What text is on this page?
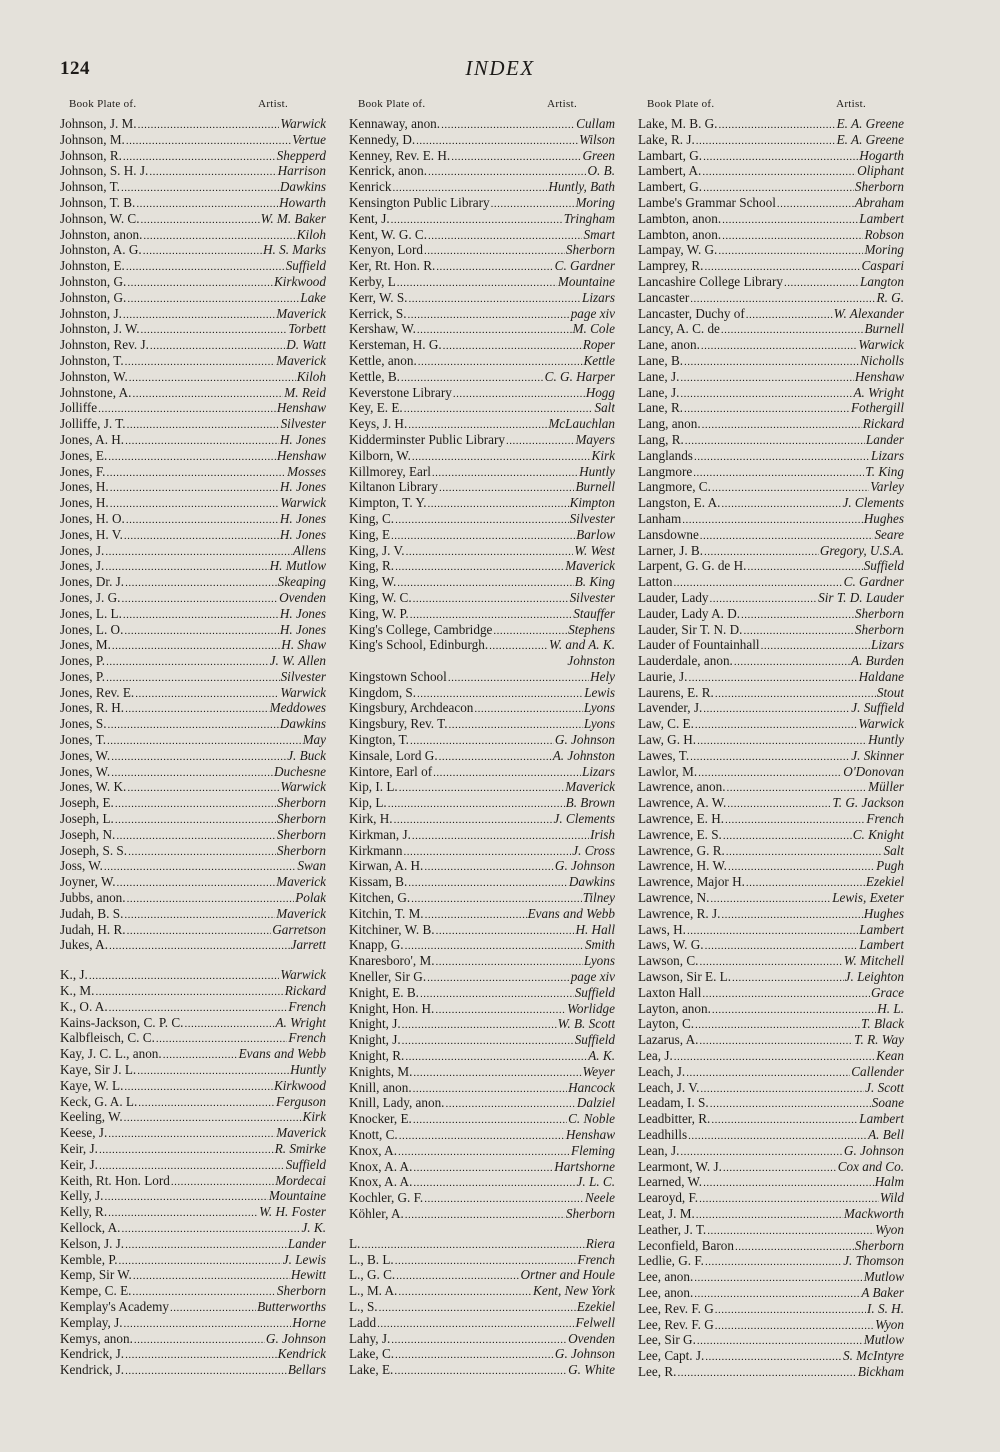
124	INDEX
Book Plate of.	Artist.
Johnson, J. M. .....	Warwick
Johnson, M. .....	Vertue
Johnson, R. .....	Shepperd
Johnson, S. H. J. .....	Harrison
Johnson, T. .....	Dawkins
Johnson, T. B. .....	Howarth
Johnson, W. C. .....	W. M. Baker
Johnston, anon. .....	Kiloh
Johnston, A. G. .....	H. S. Marks
Johnston, E. .....	Suffield
Johnston, G. .....	Kirkwood
Johnston, G. .....	Lake
Johnston, J. .....	Maverick
Johnston, J. W. .....	Torbett
Johnston, Rev. J. .....	D. Watt
Johnston, T. .....	Maverick
Johnston, W. .....	Kiloh
Johnstone, A. .....	M. Reid
Jolliffe .....	Henshaw
Jolliffe, J. T. .....	Silvester
Jones, A. H. .....	H. Jones
Jones, E. .....	Henshaw
Jones, F. .....	Mosses
Jones, H. .....	H. Jones
Jones, H. .....	Warwick
Jones, H. O. .....	H. Jones
Jones, H. V. .....	H. Jones
Jones, J. .....	Allens
Jones, J. .....	H. Mutlow
Jones, Dr. J. .....	Skeaping
Jones, J. G. .....	Ovenden
Jones, L. L. .....	H. Jones
Jones, L. O. .....	H. Jones
Jones, M. .....	H. Shaw
Jones, P. .....	J. W. Allen
Jones, P. .....	Silvester
Jones, Rev. E. .....	Warwick
Jones, R. H. .....	Meddowes
Jones, S. .....	Dawkins
Jones, T. .....	May
Jones, W. .....	J. Buck
Jones, W. .....	Duchesne
Jones, W. K. .....	Warwick
Joseph, E. .....	Sherborn
Joseph, L. .....	Sherborn
Joseph, N. .....	Sherborn
Joseph, S. S. .....	Sherborn
Joss, W. .....	Swan
Joyner, W. .....	Maverick
Jubbs, anon. .....	Polak
Judah, B. S. .....	Maverick
Judah, H. R. .....	Garretson
Jukes, A. .....	Jarrett
K., J. .....	Warwick
K., M. .....	Rickard
K., O. A. .....	French
Kains-Jackson, C. P. C. .....	A. Wright
Kalbfleisch, C. C. .....	French
Kay, J. C. L., anon. .....	Evans and Webb
Kaye, Sir J. L. .....	Huntly
Kaye, W. L. .....	Kirkwood
Keck, G. A. L. .....	Ferguson
Keeling, W. .....	Kirk
Keese, J. .....	Maverick
Keir, J. .....	R. Smirke
Keir, J. .....	Suffield
Keith, Rt. Hon. Lord .....	Mordecai
Kelly, J. .....	Mountaine
Kelly, R. .....	W. H. Foster
Kellock, A. .....	J. K.
Kelson, J. J. .....	Lander
Kemble, P. .....	J. Lewis
Kemp, Sir W. .....	Hewitt
Kempe, C. E. .....	Sherborn
Kemplay's Academy .....	Butterworths
Kemplay, J. .....	Horne
Kemys, anon. .....	G. Johnson
Kendrick, J. .....	Kendrick
Kendrick, J. .....	Bellars
Book Plate of.	Artist.
Kennaway, anon. .....	Cullam
Kennedy, D. .....	Wilson
Kenney, Rev. E. H. .....	Green
Kenrick, anon. .....	O. B.
Kenrick .....	Huntly, Bath
Kensington Public Library .....	Moring
Kent, J. .....	Tringham
Kent, W. G. C. .....	Smart
Kenyon, Lord .....	Sherborn
Ker, Rt. Hon. R. .....	C. Gardner
Kerby, L .....	Mountaine
Kerr, W. S. .....	Lizars
Kerrick, S. .....	page xiv
Kershaw, W. .....	M. Cole
Kersteman, H. G. .....	Roper
Kettle, anon. .....	Kettle
Kettle, B. .....	C. G. Harper
Keverstone Library .....	Hogg
Key, E. E. .....	Salt
Keys, J. H. .....	McLauchlan
Kidderminster Public Library .....	Mayers
Kilborn, W. .....	Kirk
Killmorey, Earl .....	Huntly
Kiltanon Library .....	Burnell
Kimpton, T. Y. .....	Kimpton
King, C. .....	Silvester
King, E .....	Barlow
King, J. V. .....	W. West
King, R. .....	Maverick
King, W. .....	B. King
King, W. C. .....	Silvester
King, W. P. .....	Stauffer
King's College, Cambridge .....	Stephens
King's School, Edinburgh. .....	W. and A. K.
Johnston
Kingstown School .....	Hely
Kingdom, S. .....	Lewis
Kingsbury, Archdeacon .....	Lyons
Kingsbury, Rev. T. .....	Lyons
Kington, T. .....	G. Johnson
Kinsale, Lord G. .....	A. Johnston
Kintore, Earl of .....	Lizars
Kip, I. L. .....	Maverick
Kip, L. .....	B. Brown
Kirk, H. .....	J. Clements
Kirkman, J. .....	Irish
Kirkmann .....	J. Cross
Kirwan, A. H. .....	G. Johnson
Kissam, B. .....	Dawkins
Kitchen, G. .....	Tilney
Kitchin, T. M. .....	Evans and Webb
Kitchiner, W. B. .....	H. Hall
Knapp, G. .....	Smith
Knaresboro', M. .....	Lyons
Kneller, Sir G. .....	page xiv
Knight, E. B. .....	Suffield
Knight, Hon. H. .....	Worlidge
Knight, J. .....	W. B. Scott
Knight, J. .....	Suffield
Knight, R. .....	A. K.
Knights, M. .....	Weyer
Knill, anon. .....	Hancock
Knill, Lady, anon. .....	Dalziel
Knocker, E. .....	C. Noble
Knott, C. .....	Henshaw
Knox, A. .....	Fleming
Knox, A. A. .....	Hartshorne
Knox, A. A. .....	J. L. C.
Kochler, G. F. .....	Neele
Köhler, A. .....	Sherborn
L. .....	Riera
L., B. L. .....	French
L., G. C. .....	Ortner and Houle
L., M. A. .....	Kent, New York
L., S. .....	Ezekiel
Ladd .....	Felwell
Lahy, J. .....	Ovenden
Lake, C. .....	G. Johnson
Lake, E. .....	G. White
Book Plate of.	Artist.
Lake, M. B. G. .....	E. A. Greene
Lake, R. J. .....	E. A. Greene
Lambart, G. .....	Hogarth
Lambert, A. .....	Oliphant
Lambert, G. .....	Sherborn
Lambe's Grammar School .....	Abraham
Lambton, anon. .....	Lambert
Lambton, anon. .....	Robson
Lampay, W. G. .....	Moring
Lamprey, R. .....	Caspari
Lancashire College Library .....	Langton
Lancaster .....	R. G.
Lancaster, Duchy of .....	W. Alexander
Lancy, A. C. de .....	Burnell
Lane, anon. .....	Warwick
Lane, B. .....	Nicholls
Lane, J. .....	Henshaw
Lane, J. .....	A. Wright
Lane, R. .....	Fothergill
Lang, anon. .....	Rickard
Lang, R. .....	Lander
Langlands .....	Lizars
Langmore .....	T. King
Langmore, C. .....	Varley
Langston, E. A. .....	J. Clements
Lanham .....	Hughes
Lansdowne .....	Seare
Larner, J. B. .....	Gregory, U.S.A.
Larpent, G. G. de H. .....	Suffield
Latton .....	C. Gardner
Lauder, Lady .....	Sir T. D. Lauder
Lauder, Lady A. D. .....	Sherborn
Lauder, Sir T. N. D. .....	Sherborn
Lauder of Fountainhall .....	Lizars
Lauderdale, anon. .....	A. Burden
Laurie, J. .....	Haldane
Laurens, E. R. .....	Stout
Lavender, J. .....	J. Suffield
Law, C. E. .....	Warwick
Law, G. H. .....	Huntly
Lawes, T. .....	J. Skinner
Lawlor, M. .....	O'Donovan
Lawrence, anon. .....	Müller
Lawrence, A. W. .....	T. G. Jackson
Lawrence, E. H. .....	French
Lawrence, E. S. .....	C. Knight
Lawrence, G. R. .....	Salt
Lawrence, H. W. .....	Pugh
Lawrence, Major H. .....	Ezekiel
Lawrence, N. .....	Lewis, Exeter
Lawrence, R. J. .....	Hughes
Laws, H. .....	Lambert
Laws, W. G. .....	Lambert
Lawson, C. .....	W. Mitchell
Lawson, Sir E. L. .....	J. Leighton
Laxton Hall .....	Grace
Layton, anon. .....	H. L.
Layton, C. .....	T. Black
Lazarus, A. .....	T. R. Way
Lea, J. .....	Kean
Leach, J. .....	Callender
Leach, J. V. .....	J. Scott
Leadam, I. S. .....	Soane
Leadbitter, R. .....	Lambert
Leadhills .....	A. Bell
Lean, J. .....	G. Johnson
Learmont, W. J. .....	Cox and Co.
Learned, W. .....	Halm
Learoyd, F. .....	Wild
Leat, J. M. .....	Mackworth
Leather, J. T. .....	Wyon
Leconfield, Baron .....	Sherborn
Ledlie, G. F. .....	J. Thomson
Lee, anon. .....	Mutlow
Lee, anon. .....	A Baker
Lee, Rev. F. G .....	I. S. H.
Lee, Rev. F. G .....	Wyon
Lee, Sir G. .....	Mutlow
Lee, Capt. J. .....	S. McIntyre
Lee, R. .....	Bickham
